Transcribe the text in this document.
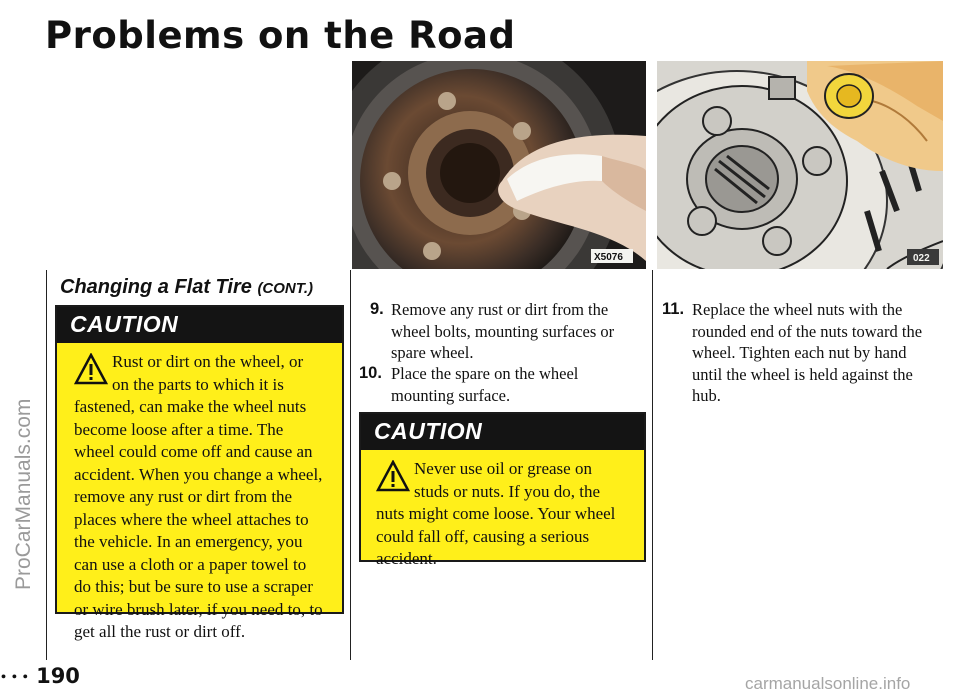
Problems on the Road
ProCarManuals.com
Changing a Flat Tire (CONT.)
X5076	022
CAUTION
Rust or dirt on the wheel, or on the parts to which it is fastened, can make the wheel nuts become loose after a time. The wheel could come off and cause an accident. When you change a wheel, remove any rust or dirt from the places where the wheel attaches to the vehicle. In an emergency, you can use a cloth or a paper towel to do this; but be sure to use a scraper or wire brush later, if you need to, to get all the rust or dirt off.
9. Remove any rust or dirt from the wheel bolts, mounting surfaces or spare wheel.
10. Place the spare on the wheel mounting surface.
CAUTION
Never use oil or grease on studs or nuts. If you do, the nuts might come loose. Your wheel could fall off, causing a serious accident.
11. Replace the wheel nuts with the rounded end of the nuts toward the wheel. Tighten each nut by hand until the wheel is held against the hub.
• • • 190	carmanualsonline.info
